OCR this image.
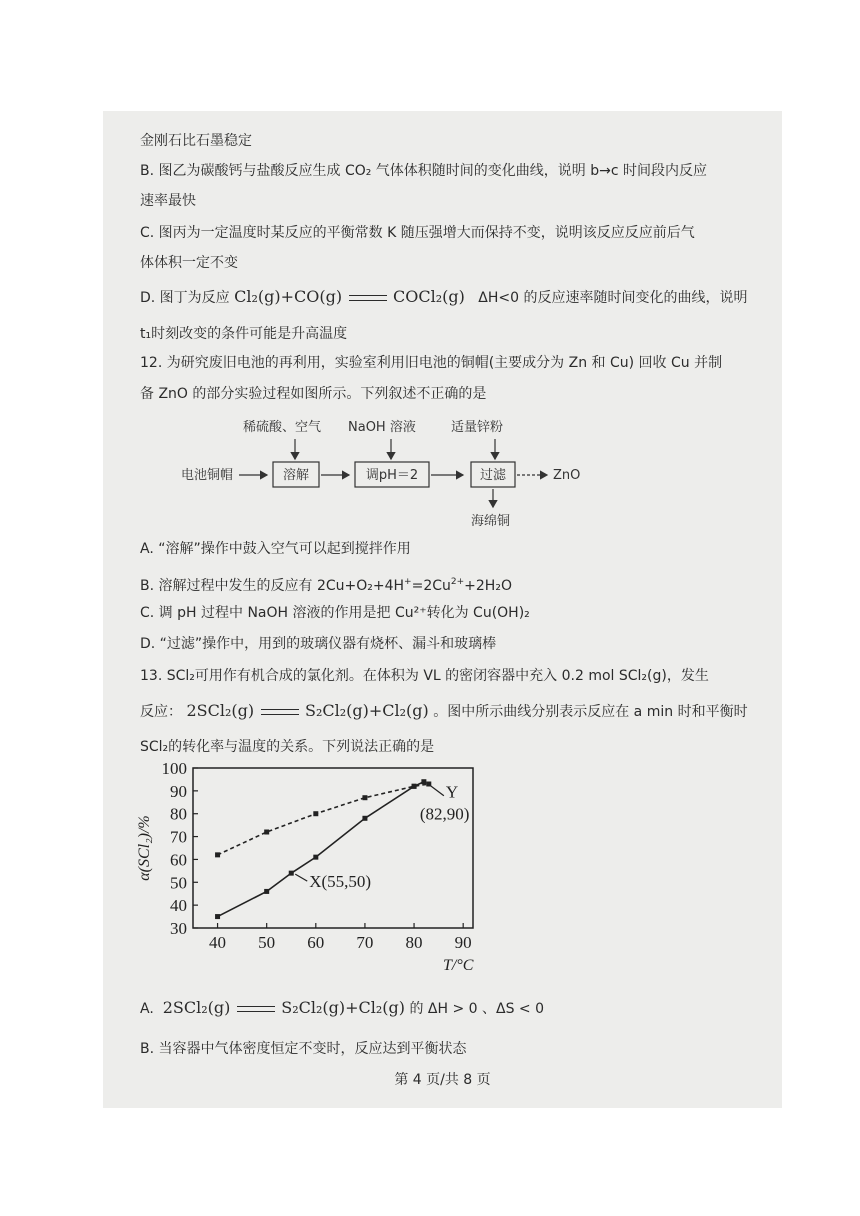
金刚石比石墨稳定
B. 图乙为碳酸钙与盐酸反应生成 CO₂ 气体体积随时间的变化曲线，说明 b→c 时间段内反应
速率最快
C. 图丙为一定温度时某反应的平衡常数 K 随压强增大而保持不变，说明该反应反应前后气
体体积一定不变
D. 图丁为反应 Cl₂(g)+CO(g)	COCl₂(g) ΔH<0 的反应速率随时间变化的曲线，说明
t₁时刻改变的条件可能是升高温度
12. 为研究废旧电池的再利用，实验室利用旧电池的铜帽(主要成分为 Zn 和 Cu) 回收 Cu 并制
备 ZnO 的部分实验过程如图所示。下列叙述不正确的是
稀硫酸、空气 NaOH 溶液	适量锌粉
电池铜帽	溶解	调pH＝2	过滤	ZnO
海绵铜
A. “溶解”操作中鼓入空气可以起到搅拌作用
B. 溶解过程中发生的反应有 $2Cu+O_2+4H^+=2Cu^{2+}+2H_2O$
C. 调 pH 过程中 NaOH 溶液的作用是把 Cu²⁺转化为 Cu(OH)₂
D. “过滤”操作中，用到的玻璃仪器有烧杯、漏斗和玻璃棒
13. SCl₂可用作有机合成的氯化剂。在体积为 VL 的密闭容器中充入 0.2 mol SCl₂(g)，发生
反应： 2SCl₂(g)	S₂Cl₂(g)+Cl₂(g) 。图中所示曲线分别表示反应在 a min 时和平衡时
SCl₂的转化率与温度的关系。下列说法正确的是
30
40
50
60
70
80
90
100
40 50 60 70 80 90
Y
(82,90)
X(55,50)
α(SCl₂)/%
T/°C
A. 2SCl₂(g)	S₂Cl₂(g)+Cl₂(g) 的 ΔH > 0 、ΔS < 0
B. 当容器中气体密度恒定不变时，反应达到平衡状态
第 4 页/共 8 页
